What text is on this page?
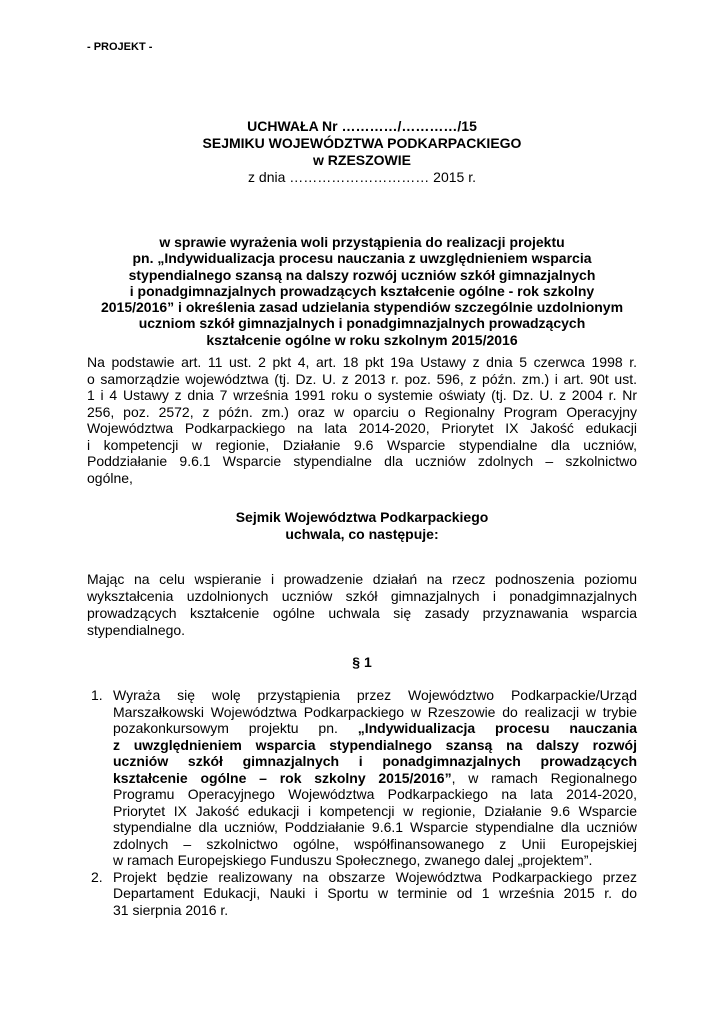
- PROJEKT -
UCHWAŁA Nr …………/…………/15
SEJMIKU WOJEWÓDZTWA PODKARPACKIEGO
w RZESZOWIE
z dnia ………………………… 2015 r.
w sprawie wyrażenia woli przystąpienia do realizacji projektu
pn. „Indywidualizacja procesu nauczania z uwzględnieniem wsparcia
stypendialnego szansą na dalszy rozwój uczniów szkół gimnazjalnych
i ponadgimnazjalnych prowadzących kształcenie ogólne - rok szkolny
2015/2016” i określenia zasad udzielania stypendiów szczególnie uzdolnionym
uczniom szkół gimnazjalnych i ponadgimnazjalnych prowadzących
kształcenie ogólne w roku szkolnym 2015/2016
Na podstawie art. 11 ust. 2 pkt 4, art. 18 pkt 19a Ustawy z dnia 5 czerwca 1998 r.
o samorządzie województwa (tj. Dz. U. z 2013 r. poz. 596, z późn. zm.) i art. 90t ust.
1 i 4 Ustawy z dnia 7 września 1991 roku o systemie oświaty (tj. Dz. U. z 2004 r. Nr
256, poz. 2572, z późn. zm.) oraz w oparciu o Regionalny Program Operacyjny
Województwa Podkarpackiego na lata 2014-2020, Priorytet IX Jakość edukacji
i kompetencji w regionie, Działanie 9.6 Wsparcie stypendialne dla uczniów,
Poddziałanie 9.6.1 Wsparcie stypendialne dla uczniów zdolnych – szkolnictwo
ogólne,
Sejmik Województwa Podkarpackiego
uchwala, co następuje:
Mając na celu wspieranie i prowadzenie działań na rzecz podnoszenia poziomu
wykształcenia uzdolnionych uczniów szkół gimnazjalnych i ponadgimnazjalnych
prowadzących kształcenie ogólne uchwala się zasady przyznawania wsparcia
stypendialnego.
§ 1
1. Wyraża się wolę przystąpienia przez Województwo Podkarpackie/Urząd
Marszałkowski Województwa Podkarpackiego w Rzeszowie do realizacji w trybie
pozakonkursowym projektu pn. „Indywidualizacja procesu nauczania
z uwzględnieniem wsparcia stypendialnego szansą na dalszy rozwój
uczniów szkół gimnazjalnych i ponadgimnazjalnych prowadzących
kształcenie ogólne – rok szkolny 2015/2016”, w ramach Regionalnego
Programu Operacyjnego Województwa Podkarpackiego na lata 2014-2020,
Priorytet IX Jakość edukacji i kompetencji w regionie, Działanie 9.6 Wsparcie
stypendialne dla uczniów, Poddziałanie 9.6.1 Wsparcie stypendialne dla uczniów
zdolnych – szkolnictwo ogólne, współfinansowanego z Unii Europejskiej
w ramach Europejskiego Funduszu Społecznego, zwanego dalej „projektem”.
2. Projekt będzie realizowany na obszarze Województwa Podkarpackiego przez
Departament Edukacji, Nauki i Sportu w terminie od 1 września 2015 r. do
31 sierpnia 2016 r.
